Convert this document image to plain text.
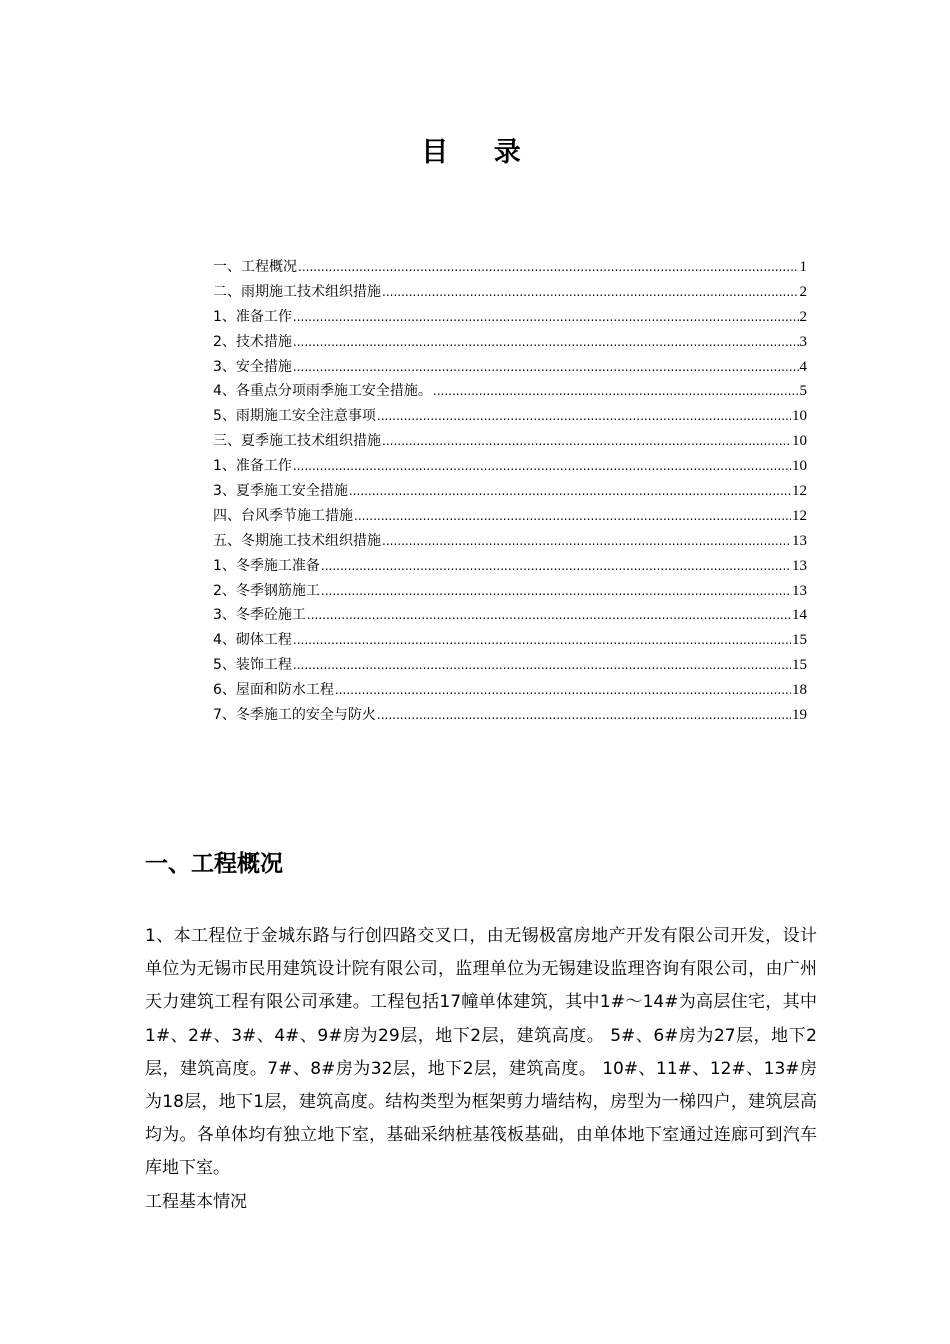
目 录
一、工程概况 .....	1
二、雨期施工技术组织措施 .....	2
1、准备工作 .....	2
2、技术措施 .....	3
3、安全措施 .....	4
4、各重点分项雨季施工安全措施。 .....	5
5、雨期施工安全注意事项 .....	10
三、夏季施工技术组织措施 .....	10
1、准备工作 .....	10
3、夏季施工安全措施 .....	12
四、台风季节施工措施 .....	12
五、冬期施工技术组织措施 .....	13
1、冬季施工准备 .....	13
2、冬季钢筋施工 .....	13
3、冬季砼施工 .....	14
4、砌体工程 .....	15
5、装饰工程 .....	15
6、屋面和防水工程 .....	18
7、冬季施工的安全与防火 .....	19
一、工程概况

1、本工程位于金城东路与行创四路交叉口，由无锡极富房地产开发有限公司开发，设计单位为无锡市民用建筑设计院有限公司，监理单位为无锡建设监理咨询有限公司，由广州天力建筑工程有限公司承建。工程包括17幢单体建筑，其中1#～14#为高层住宅，其中1#、2#、3#、4#、9#房为29层，地下2层，建筑高度。 5#、6#房为27层，地下2层，建筑高度。7#、8#房为32层，地下2层，建筑高度。 10#、11#、12#、13#房为18层，地下1层，建筑高度。结构类型为框架剪力墙结构，房型为一梯四户，建筑层高均为。各单体均有独立地下室，基础采纳桩基筏板基础，由单体地下室通过连廊可到汽车库地下室。

工程基本情况
